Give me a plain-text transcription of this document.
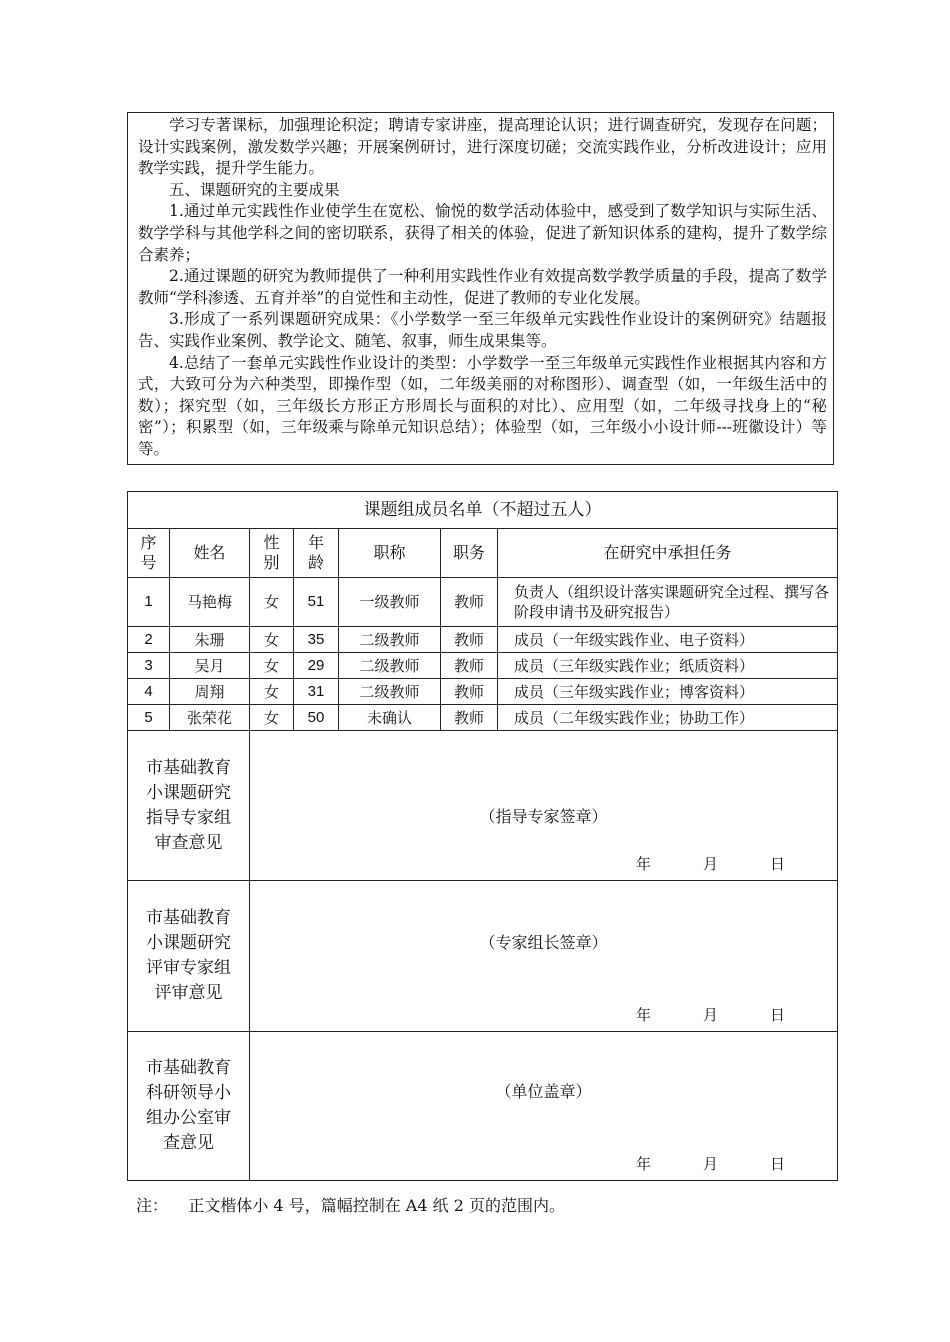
学习专著课标，加强理论积淀；聘请专家讲座，提高理论认识；进行调查研究，发现存在问题；设计实践案例，激发数学兴趣；开展案例研讨，进行深度切磋；交流实践作业，分析改进设计；应用教学实践，提升学生能力。

五、课题研究的主要成果

1.通过单元实践性作业使学生在宽松、愉悦的数学活动体验中，感受到了数学知识与实际生活、数学学科与其他学科之间的密切联系，获得了相关的体验，促进了新知识体系的建构，提升了数学综合素养；

2.通过课题的研究为教师提供了一种利用实践性作业有效提高数学教学质量的手段，提高了数学教师“学科渗透、五育并举”的自觉性和主动性，促进了教师的专业化发展。

3.形成了一系列课题研究成果：《小学数学一至三年级单元实践性作业设计的案例研究》结题报告、实践作业案例、教学论文、随笔、叙事，师生成果集等。

4.总结了一套单元实践性作业设计的类型：小学数学一至三年级单元实践性作业根据其内容和方式，大致可分为六种类型，即操作型（如，二年级美丽的对称图形）、调查型（如，一年级生活中的数）；探究型（如，三年级长方形正方形周长与面积的对比）、应用型（如，二年级寻找身上的“秘密”）；积累型（如，三年级乘与除单元知识总结）；体验型（如，三年级小小设计师---班徽设计）等等。

课题组成员名单（不超过五人）						
序号	姓名	性别	年龄	职称	职务	在研究中承担任务
1	马艳梅	女	51	一级教师	教师	负责人（组织设计落实课题研究全过程、撰写各阶段申请书及研究报告）
2	朱珊	女	35	二级教师	教师	成员（一年级实践作业、电子资料）
3	吴月	女	29	二级教师	教师	成员（三年级实践作业；纸质资料）
4	周翔	女	31	二级教师	教师	成员（三年级实践作业；博客资料）
5	张荣花	女	50	未确认	教师	成员（二年级实践作业；协助工作）
市基础教育小课题研究指导专家组审查意见		（指导专家签章）
年 月 日				

市基础教育小课题研究评审专家组评审意见		（专家组长签章）
年 月 日				

市基础教育科研领导小组办公室审查意见		（单位盖章）
年 月 日				
注：    正文楷体小 4 号，篇幅控制在 A4 纸 2 页的范围内。
